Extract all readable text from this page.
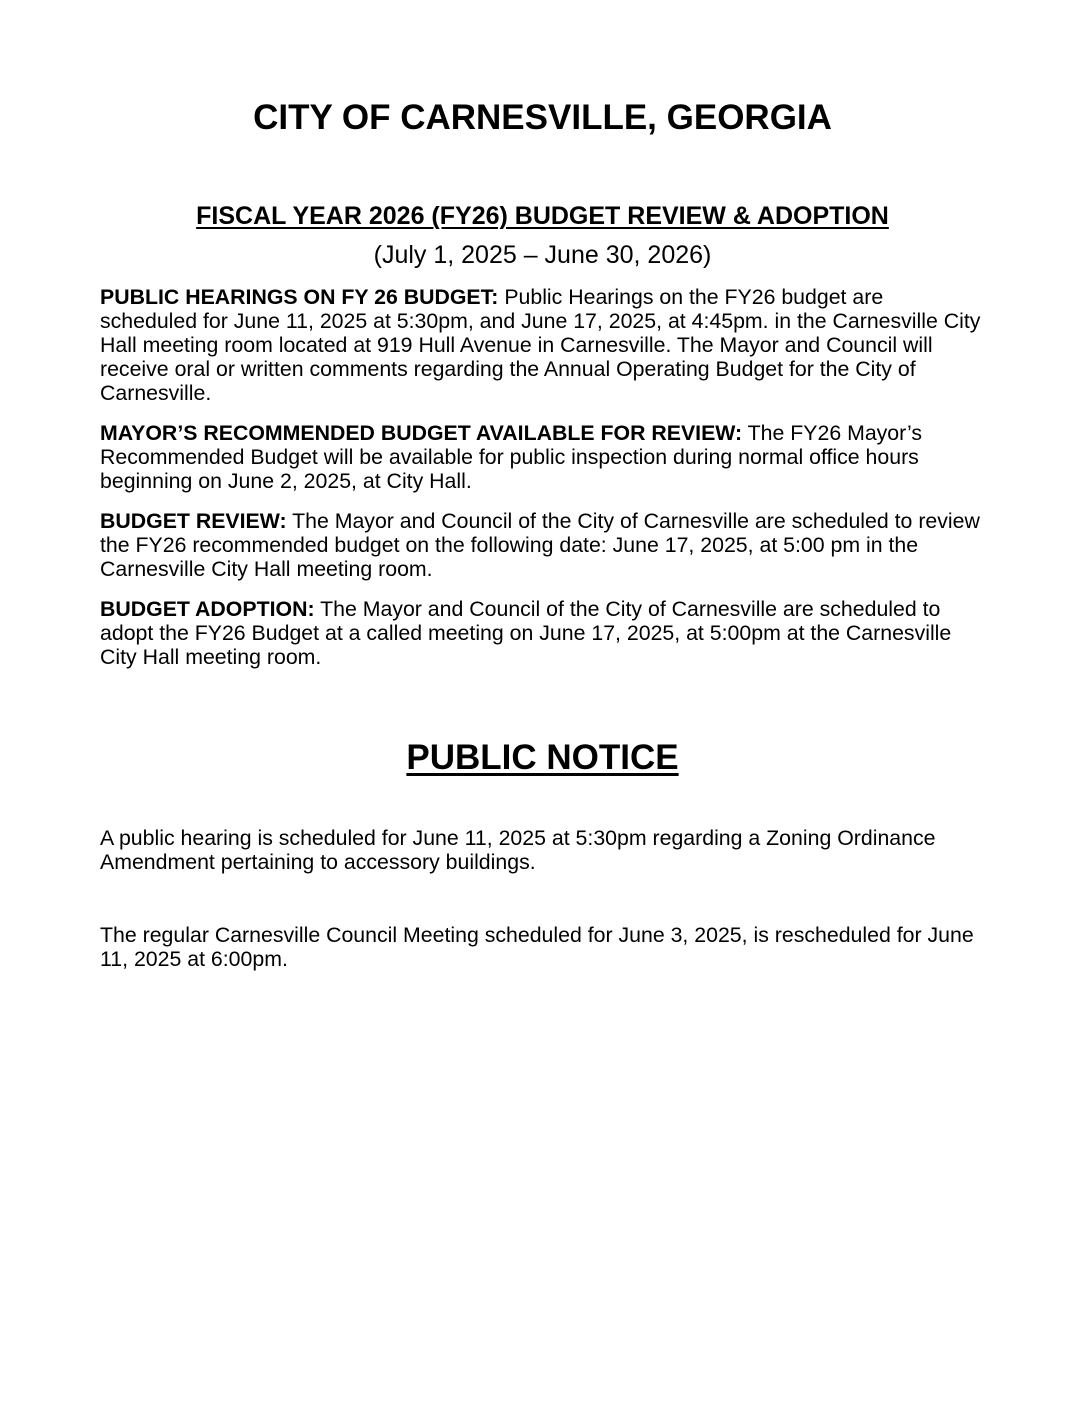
CITY OF CARNESVILLE, GEORGIA
FISCAL YEAR 2026 (FY26) BUDGET REVIEW & ADOPTION

(July 1, 2025 – June 30, 2026)

PUBLIC HEARINGS ON FY 26 BUDGET: Public Hearings on the FY26 budget are scheduled for June 11, 2025 at 5:30pm, and June 17, 2025, at 4:45pm. in the Carnesville City Hall meeting room located at 919 Hull Avenue in Carnesville. The Mayor and Council will receive oral or written comments regarding the Annual Operating Budget for the City of Carnesville.

MAYOR’S RECOMMENDED BUDGET AVAILABLE FOR REVIEW: The FY26 Mayor’s Recommended Budget will be available for public inspection during normal office hours beginning on June 2, 2025, at City Hall.

BUDGET REVIEW: The Mayor and Council of the City of Carnesville are scheduled to review the FY26 recommended budget on the following date: June 17, 2025, at 5:00 pm in the Carnesville City Hall meeting room.

BUDGET ADOPTION: The Mayor and Council of the City of Carnesville are scheduled to adopt the FY26 Budget at a called meeting on June 17, 2025, at 5:00pm at the Carnesville City Hall meeting room.

PUBLIC NOTICE

A public hearing is scheduled for June 11, 2025 at 5:30pm regarding a Zoning Ordinance Amendment pertaining to accessory buildings.

The regular Carnesville Council Meeting scheduled for June 3, 2025, is rescheduled for June 11, 2025 at 6:00pm.
